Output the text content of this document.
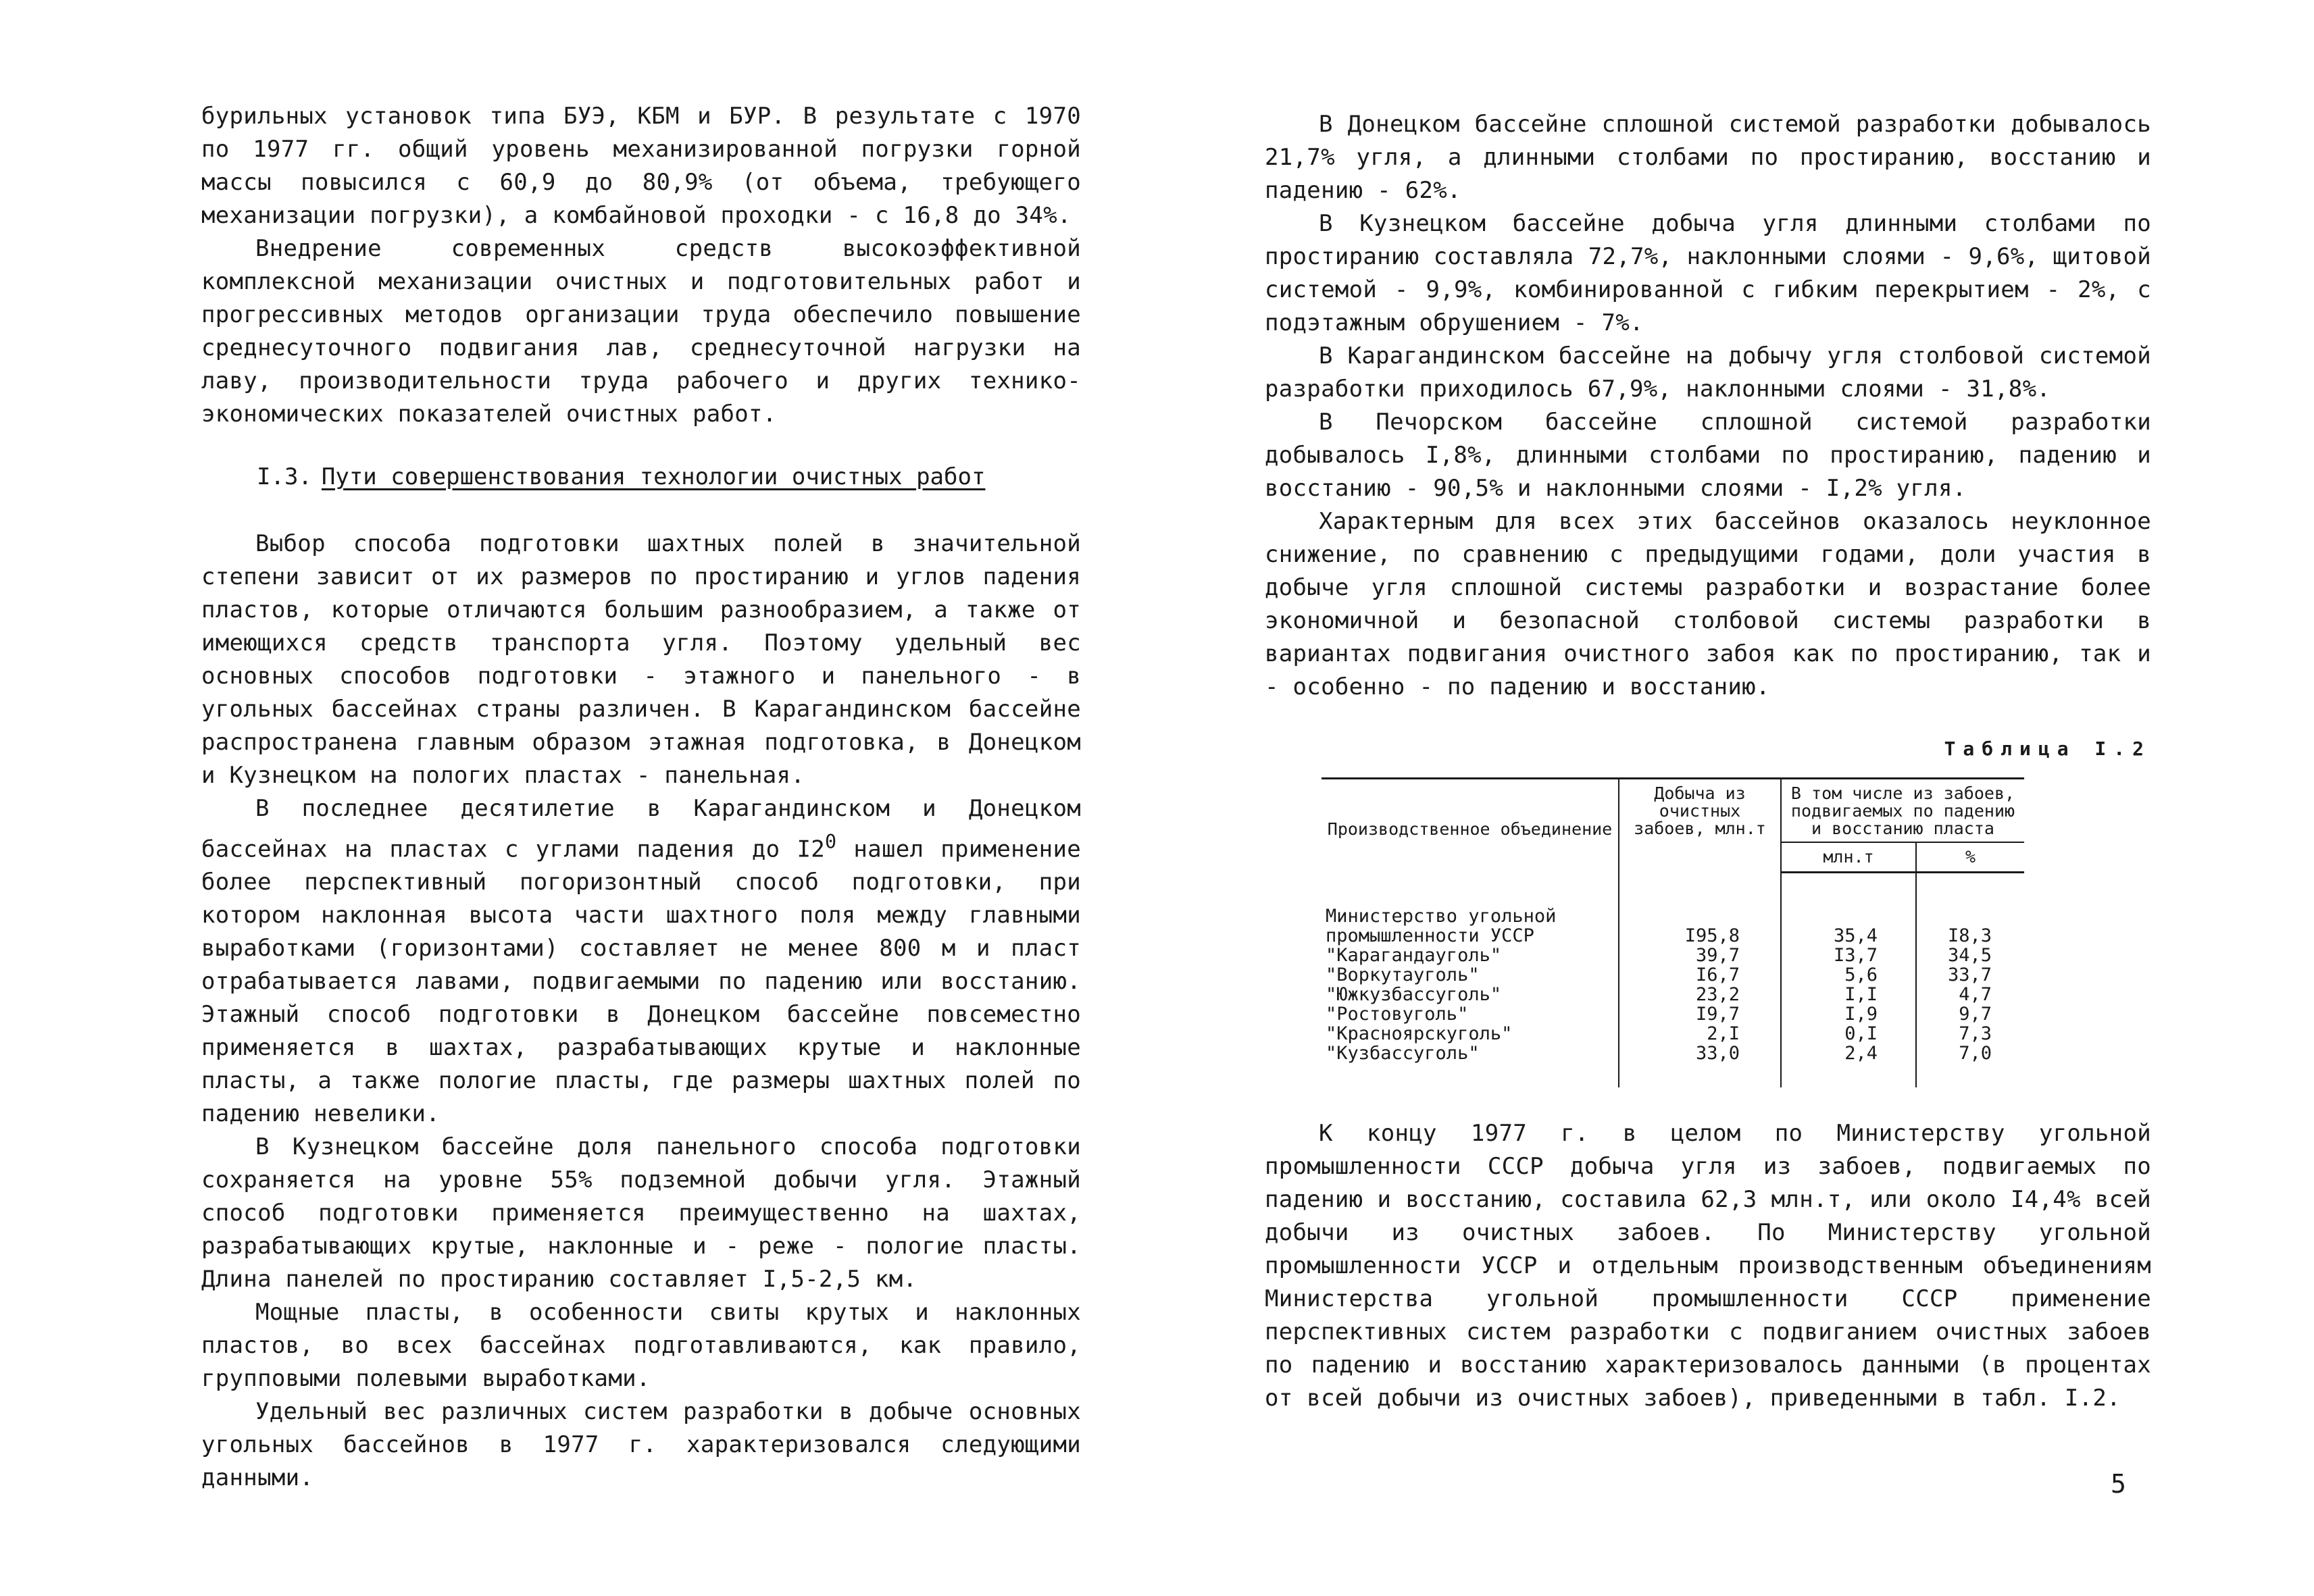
бурильных установок типа БУЭ, КБМ и БУР. В результате с 1970 по 1977 гг. общий уровень механизированной погрузки горной массы повысился с 60,9 до 80,9% (от объема, требующего механизации погрузки), а комбайновой проходки - с 16,8 до 34%.

Внедрение современных средств высокоэффективной комплексной механизации очистных и подготовительных работ и прогрессивных методов организации труда обеспечило повышение среднесуточного подвигания лав, среднесуточной нагрузки на лаву, производительности труда рабочего и других технико-экономических показателей очистных работ.

I.3. Пути совершенствования технологии очистных работ

Выбор способа подготовки шахтных полей в значительной степени зависит от их размеров по простиранию и углов падения пластов, которые отличаются большим разнообразием, а также от имеющихся средств транспорта угля. Поэтому удельный вес основных способов подготовки - этажного и панельного - в угольных бассейнах страны различен. В Карагандинском бассейне распространена главным образом этажная подготовка, в Донецком и Кузнецком на пологих пластах - панельная.

В последнее десятилетие в Карагандинском и Донецком бассейнах на пластах с углами падения до $I2^0$ нашел применение более перспективный погоризонтный способ подготовки, при котором наклонная высота части шахтного поля между главными выработками (горизонтами) составляет не менее 800 м и пласт отрабатывается лавами, подвигаемыми по падению или восстанию. Этажный способ подготовки в Донецком бассейне повсеместно применяется в шахтах, разрабатывающих крутые и наклонные пласты, а также пологие пласты, где размеры шахтных полей по падению невелики.

В Кузнецком бассейне доля панельного способа подготовки сохраняется на уровне 55% подземной добычи угля. Этажный способ подготовки применяется преимущественно на шахтах, разрабатывающих крутые, наклонные и - реже - пологие пласты. Длина панелей по простиранию составляет I,5-2,5 км.

Мощные пласты, в особенности свиты крутых и наклонных пластов, во всех бассейнах подготавливаются, как правило, групповыми полевыми выработками.

Удельный вес различных систем разработки в добыче основных угольных бассейнов в 1977 г. характеризовался следующими данными.

В Донецком бассейне сплошной системой разработки добывалось 21,7% угля, а длинными столбами по простиранию, восстанию и падению - 62%.

В Кузнецком бассейне добыча угля длинными столбами по простиранию составляла 72,7%, наклонными слоями - 9,6%, щитовой системой - 9,9%, комбинированной с гибким перекрытием - 2%, с подэтажным обрушением - 7%.

В Карагандинском бассейне на добычу угля столбовой системой разработки приходилось 67,9%, наклонными слоями - 31,8%.

В Печорском бассейне сплошной системой разработки добывалось I,8%, длинными столбами по простиранию, падению и восстанию - 90,5% и наклонными слоями - I,2% угля.

Характерным для всех этих бассейнов оказалось неуклонное снижение, по сравнению с предыдущими годами, доли участия в добыче угля сплошной системы разработки и возрастание более экономичной и безопасной столбовой системы разработки в вариантах подвигания очистного забоя как по простиранию, так и - особенно - по падению и восстанию.

Таблица I.2
Производственное объединение	Добыча из очистных забоев, млн.т	В том числе из забоев, подвигаемых по падению и восстанию пласта	
		млн.т	%
Министерство угольной промышленности УССР	I95,8	35,4	I8,3
"Карагандауголь"	39,7	I3,7	34,5
"Воркутауголь"	I6,7	5,6	33,7
"Южкузбассуголь"	23,2	I,I	4,7
"Ростовуголь"	I9,7	I,9	9,7
"Красноярскуголь"	2,I	0,I	7,3
"Кузбассуголь"	33,0	2,4	7,0

К концу 1977 г. в целом по Министерству угольной промышленности СССР добыча угля из забоев, подвигаемых по падению и восстанию, составила 62,3 млн.т, или около I4,4% всей добычи из очистных забоев. По Министерству угольной промышленности УССР и отдельным производственным объединениям Министерства угольной промышленности СССР применение перспективных систем разработки с подвиганием очистных забоев по падению и восстанию характеризовалось данными (в процентах от всей добычи из очистных забоев), приведенными в табл. I.2.

5
